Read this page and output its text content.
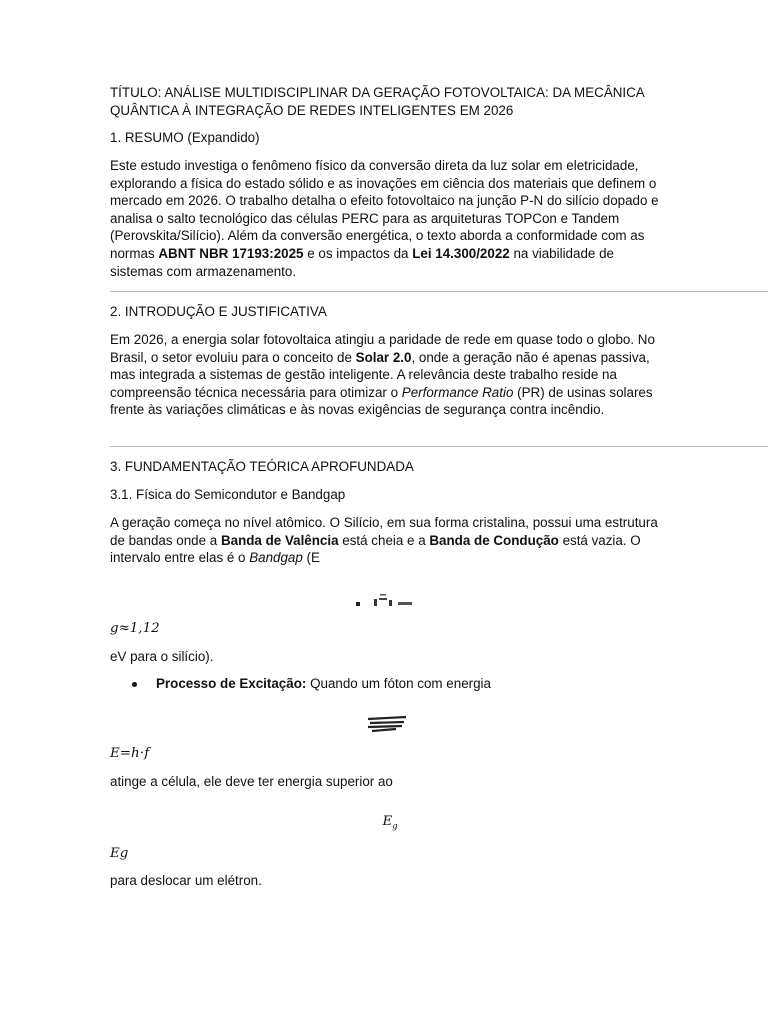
TÍTULO: ANÁLISE MULTIDISCIPLINAR DA GERAÇÃO FOTOVOLTAICA: DA MECÂNICA QUÂNTICA À INTEGRAÇÃO DE REDES INTELIGENTES EM 2026

1. RESUMO (Expandido)

Este estudo investiga o fenômeno físico da conversão direta da luz solar em eletricidade, explorando a física do estado sólido e as inovações em ciência dos materiais que definem o mercado em 2026. O trabalho detalha o efeito fotovoltaico na junção P-N do silício dopado e analisa o salto tecnológico das células PERC para as arquiteturas TOPCon e Tandem (Perovskita/Silício). Além da conversão energética, o texto aborda a conformidade com as normas ABNT NBR 17193:2025 e os impactos da Lei 14.300/2022 na viabilidade de sistemas com armazenamento.

2. INTRODUÇÃO E JUSTIFICATIVA

Em 2026, a energia solar fotovoltaica atingiu a paridade de rede em quase todo o globo. No Brasil, o setor evoluiu para o conceito de Solar 2.0, onde a geração não é apenas passiva, mas integrada a sistemas de gestão inteligente. A relevância deste trabalho reside na compreensão técnica necessária para otimizar o Performance Ratio (PR) de usinas solares frente às variações climáticas e às novas exigências de segurança contra incêndio.

3. FUNDAMENTAÇÃO TEÓRICA APROFUNDADA

3.1. Física do Semicondutor e Bandgap

A geração começa no nível atômico. O Silício, em sua forma cristalina, possui uma estrutura de bandas onde a Banda de Valência está cheia e a Banda de Condução está vazia. O intervalo entre elas é o Bandgap (E

g≈1,12

eV para o silício).

Processo de Excitação: Quando um fóton com energia

E=h⋅f

atinge a célula, ele deve ter energia superior ao

$E_g$

Eg

para deslocar um elétron.
